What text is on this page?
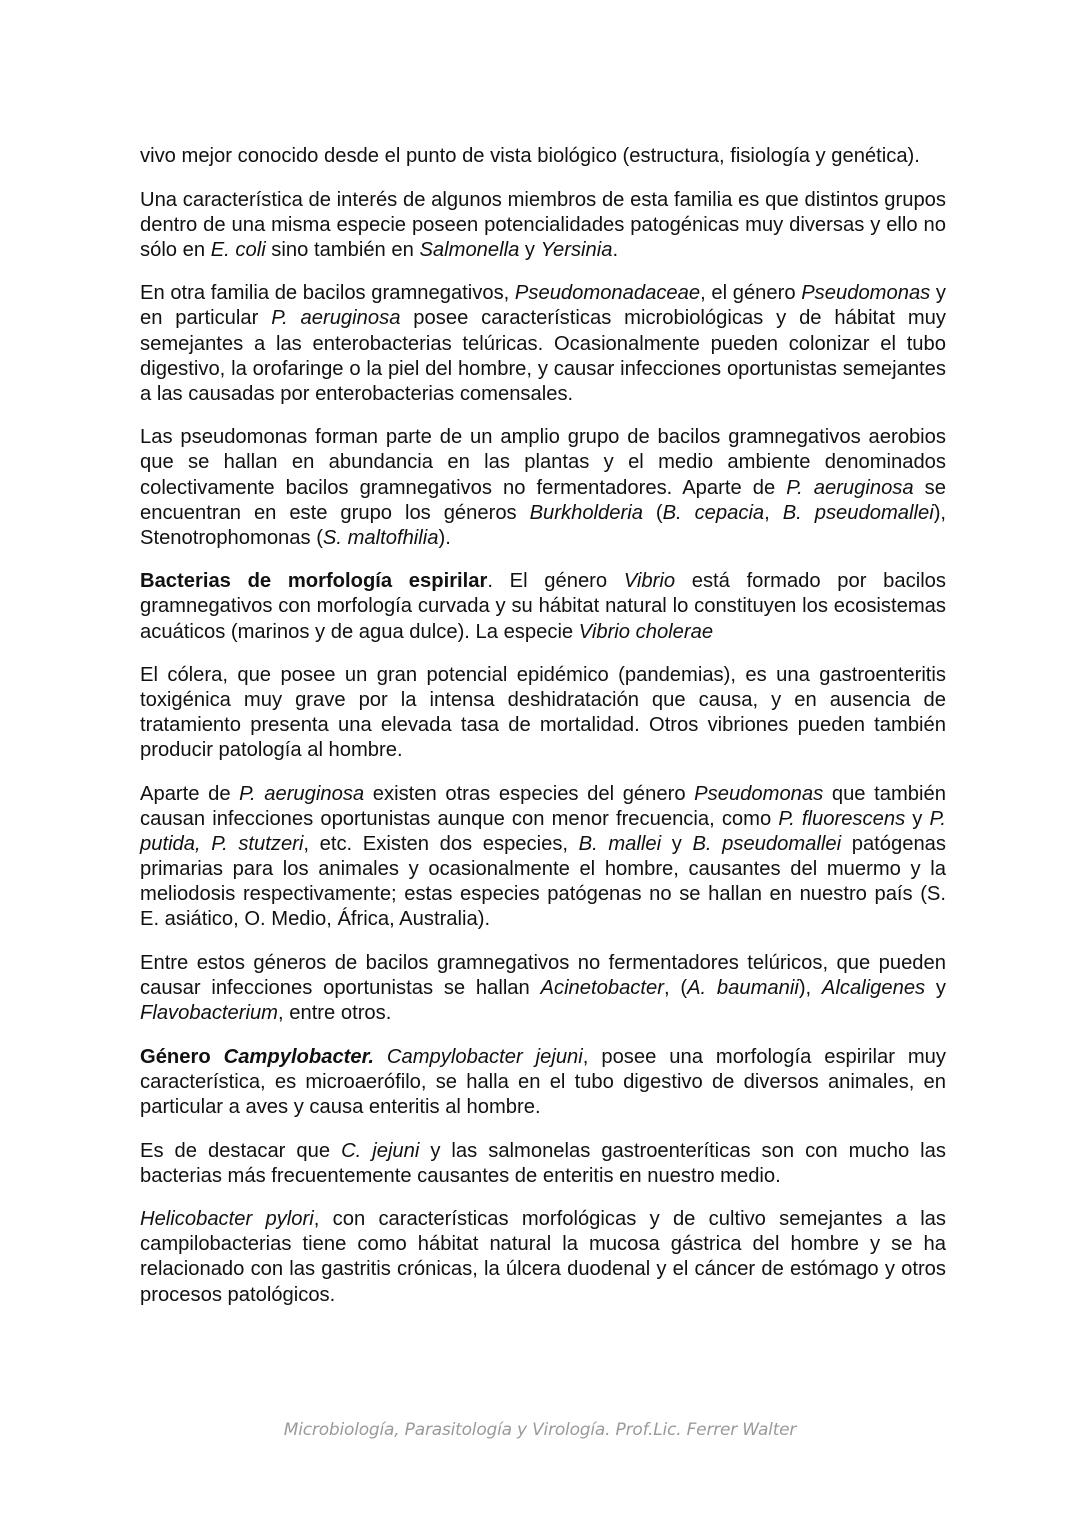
vivo mejor conocido desde el punto de vista biológico (estructura, fisiología y genética).

Una característica de interés de algunos miembros de esta familia es que distintos grupos dentro de una misma especie poseen potencialidades patogénicas muy diversas y ello no sólo en E. coli sino también en Salmonella y Yersinia.

En otra familia de bacilos gramnegativos, Pseudomonadaceae, el género Pseudomonas y en particular P. aeruginosa posee características microbiológicas y de hábitat muy semejantes a las enterobacterias telúricas. Ocasionalmente pueden colonizar el tubo digestivo, la orofaringe o la piel del hombre, y causar infecciones oportunistas semejantes a las causadas por enterobacterias comensales.

Las pseudomonas forman parte de un amplio grupo de bacilos gramnegativos aerobios que se hallan en abundancia en las plantas y el medio ambiente denominados colectivamente bacilos gramnegativos no fermentadores. Aparte de P. aeruginosa se encuentran en este grupo los géneros Burkholderia (B. cepacia, B. pseudomallei), Stenotrophomonas (S. maltofhilia).

Bacterias de morfología espirilar. El género Vibrio está formado por bacilos gramnegativos con morfología curvada y su hábitat natural lo constituyen los ecosistemas acuáticos (marinos y de agua dulce). La especie Vibrio cholerae

El cólera, que posee un gran potencial epidémico (pandemias), es una gastroenteritis toxigénica muy grave por la intensa deshidratación que causa, y en ausencia de tratamiento presenta una elevada tasa de mortalidad. Otros vibriones pueden también producir patología al hombre.

Aparte de P. aeruginosa existen otras especies del género Pseudomonas que también causan infecciones oportunistas aunque con menor frecuencia, como P. fluorescens y P. putida, P. stutzeri, etc. Existen dos especies, B. mallei y B. pseudomallei patógenas primarias para los animales y ocasionalmente el hombre, causantes del muermo y la meliodosis respectivamente; estas especies patógenas no se hallan en nuestro país (S. E. asiático, O. Medio, África, Australia).

Entre estos géneros de bacilos gramnegativos no fermentadores telúricos, que pueden causar infecciones oportunistas se hallan Acinetobacter, (A. baumanii), Alcaligenes y Flavobacterium, entre otros.

Género Campylobacter. Campylobacter jejuni, posee una morfología espirilar muy característica, es microaerófilo, se halla en el tubo digestivo de diversos animales, en particular a aves y causa enteritis al hombre.

Es de destacar que C. jejuni y las salmonelas gastroenteríticas son con mucho las bacterias más frecuentemente causantes de enteritis en nuestro medio.

Helicobacter pylori, con características morfológicas y de cultivo semejantes a las campilobacterias tiene como hábitat natural la mucosa gástrica del hombre y se ha relacionado con las gastritis crónicas, la úlcera duodenal y el cáncer de estómago y otros procesos patológicos.

Microbiología, Parasitología y Virología. Prof.Lic. Ferrer Walter
